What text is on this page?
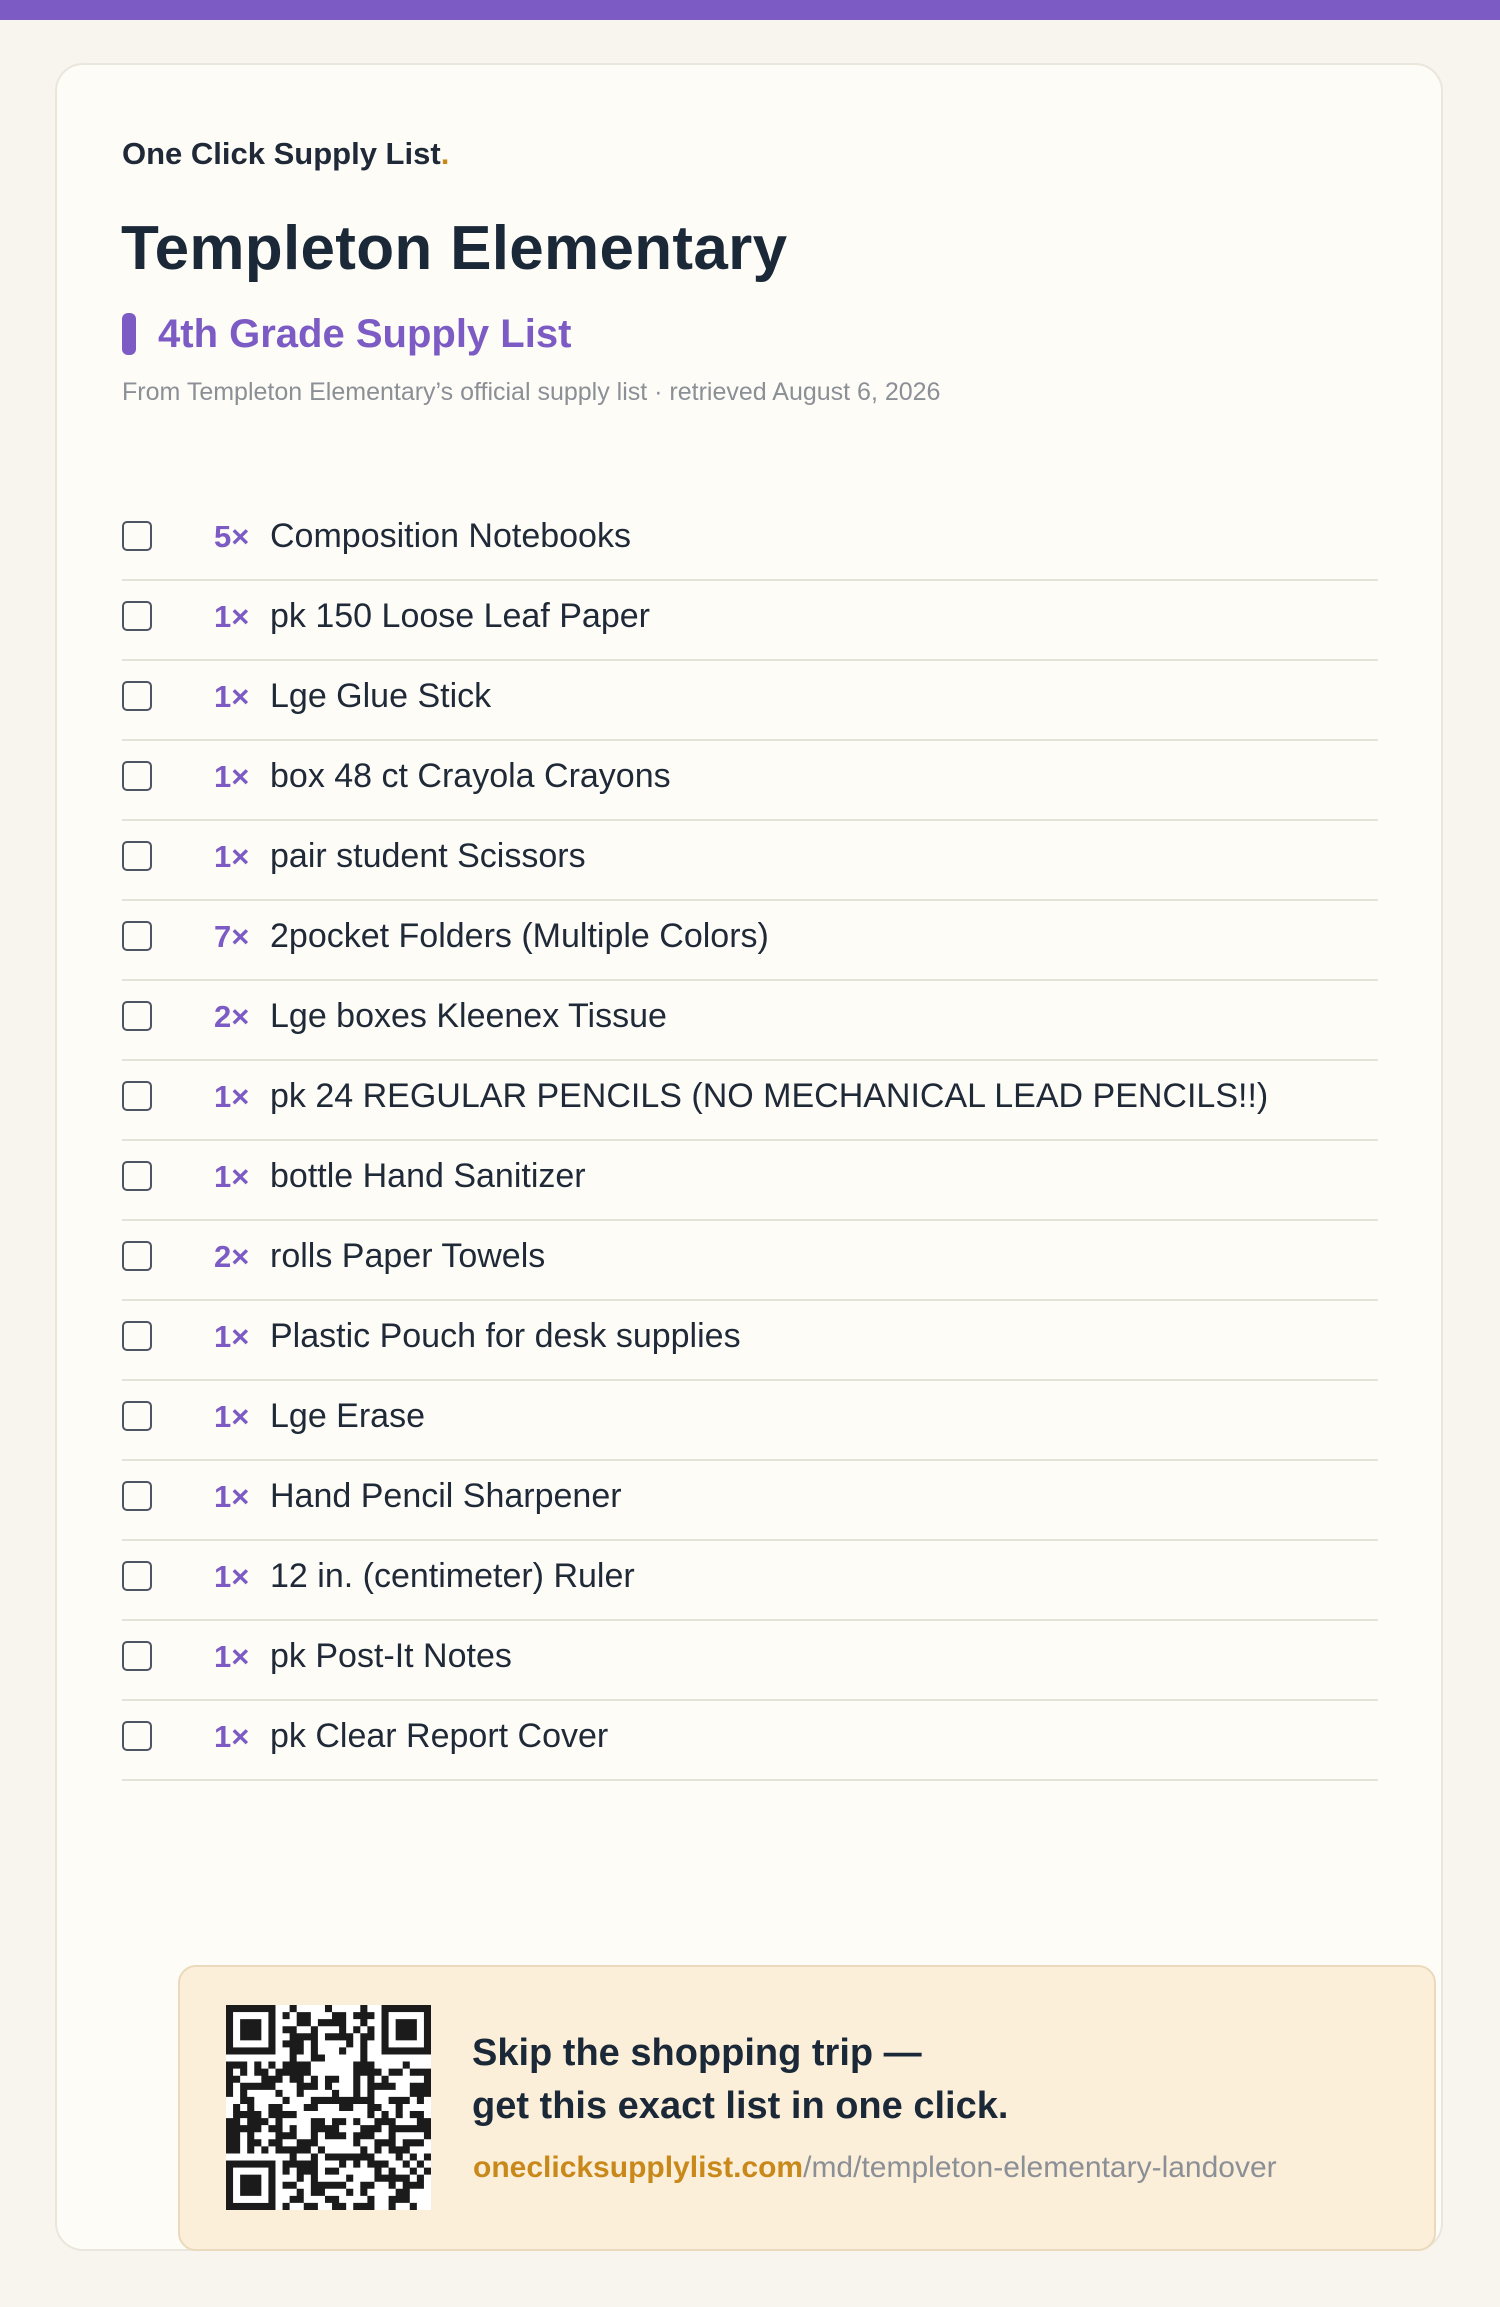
One Click Supply List.
Templeton Elementary
4th Grade Supply List
From Templeton Elementary’s official supply list · retrieved August 6, 2026
5× Composition Notebooks
1× pk 150 Loose Leaf Paper
1× Lge Glue Stick
1× box 48 ct Crayola Crayons
1× pair student Scissors
7× 2pocket Folders (Multiple Colors)
2× Lge boxes Kleenex Tissue
1× pk 24 REGULAR PENCILS (NO MECHANICAL LEAD PENCILS!!)
1× bottle Hand Sanitizer
2× rolls Paper Towels
1× Plastic Pouch for desk supplies
1× Lge Erase
1× Hand Pencil Sharpener
1× 12 in. (centimeter) Ruler
1× pk Post-It Notes
1× pk Clear Report Cover
Skip the shopping trip —
get this exact list in one click.
oneclicksupplylist.com/md/templeton-elementary-landover
